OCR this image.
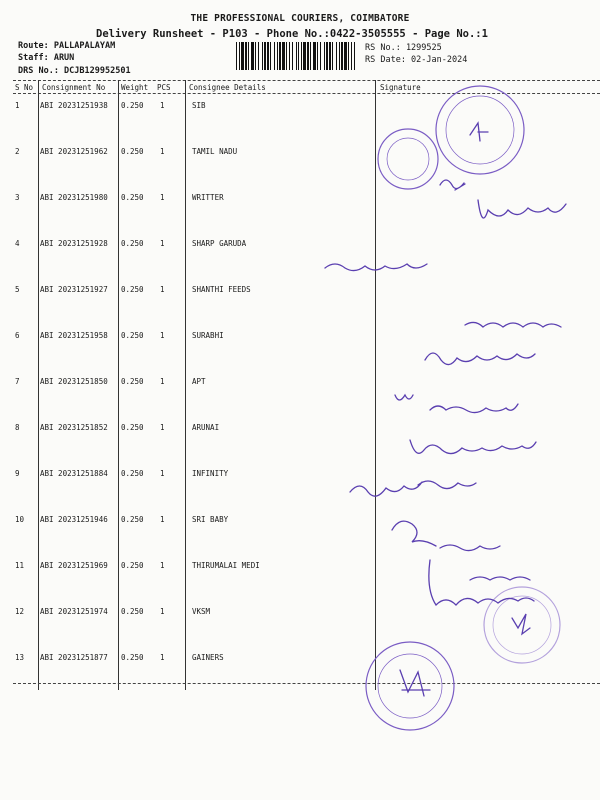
THE PROFESSIONAL COURIERS, COIMBATORE
Delivery Runsheet - P103 - Phone No.:0422-3505555 - Page No.:1
Route: PALLAPALAYAM
Staff: ARUN
DRS No.: DCJB129952501
RS No.: 1299525
RS Date: 02-Jan-2024
S No Consignment No Weight PCS Consignee Details	Signature
1	ABI 20231251938 0.250 1	SIB
2	ABI 20231251962 0.250 1	TAMIL NADU
3	ABI 20231251980 0.250 1	WRITTER
4	ABI 20231251928 0.250 1	SHARP GARUDA
5	ABI 20231251927 0.250 1	SHANTHI FEEDS
6	ABI 20231251958 0.250 1	SURABHI
7	ABI 20231251850 0.250 1	APT
8	ABI 20231251852 0.250 1	ARUNAI
9	ABI 20231251884 0.250 1	INFINITY
10 ABI 20231251946 0.250 1	SRI BABY
11 ABI 20231251969 0.250 1	THIRUMALAI MEDI
12 ABI 20231251974 0.250 1	VKSM
13 ABI 20231251877 0.250 1	GAINERS
